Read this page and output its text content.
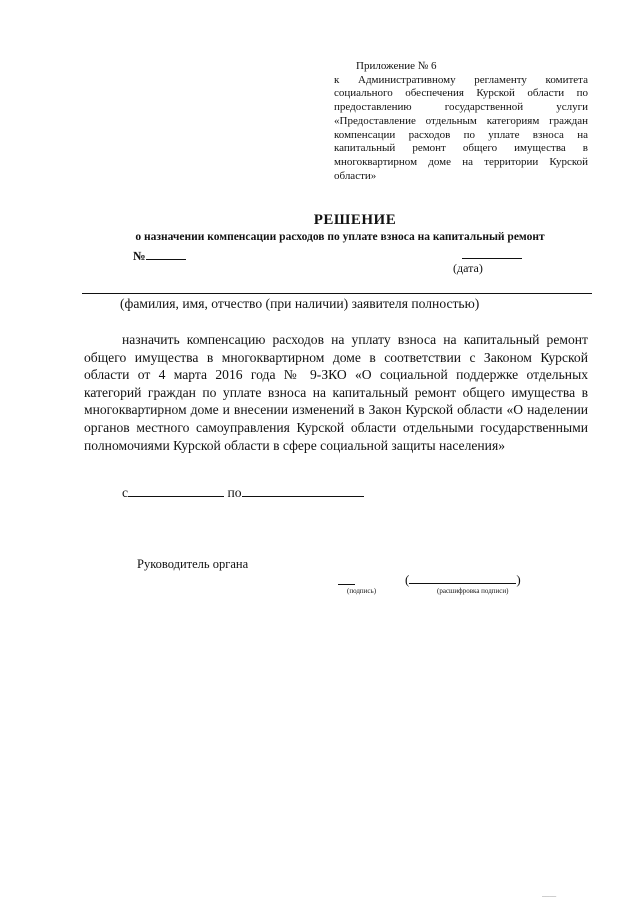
Приложение № 6
к Административному регламенту комитета социального обеспечения Курской области по предоставлению государственной услуги «Предоставление отдельным категориям граждан компенсации расходов по уплате взноса на капитальный ремонт общего имущества в многоквартирном доме на территории Курской области»
РЕШЕНИЕ
о назначении компенсации расходов по уплате взноса на капитальный ремонт
№
(дата)
(фамилия, имя, отчество (при наличии) заявителя полностью)
назначить компенсацию расходов на уплату взноса на капитальный ремонт общего имущества в многоквартирном доме в соответствии с Законом Курской области от 4 марта 2016 года № 9-ЗКО «О социальной поддержке отдельных категорий граждан по уплате взноса на капитальный ремонт общего имущества в многоквартирном доме и внесении изменений в Закон Курской области «О наделении органов местного самоуправления Курской области отдельными государственными полномочиями Курской области в сфере социальной защиты населения»
с	по
Руководитель органа
(	)
(подпись)	(расшифровка подписи)
────
